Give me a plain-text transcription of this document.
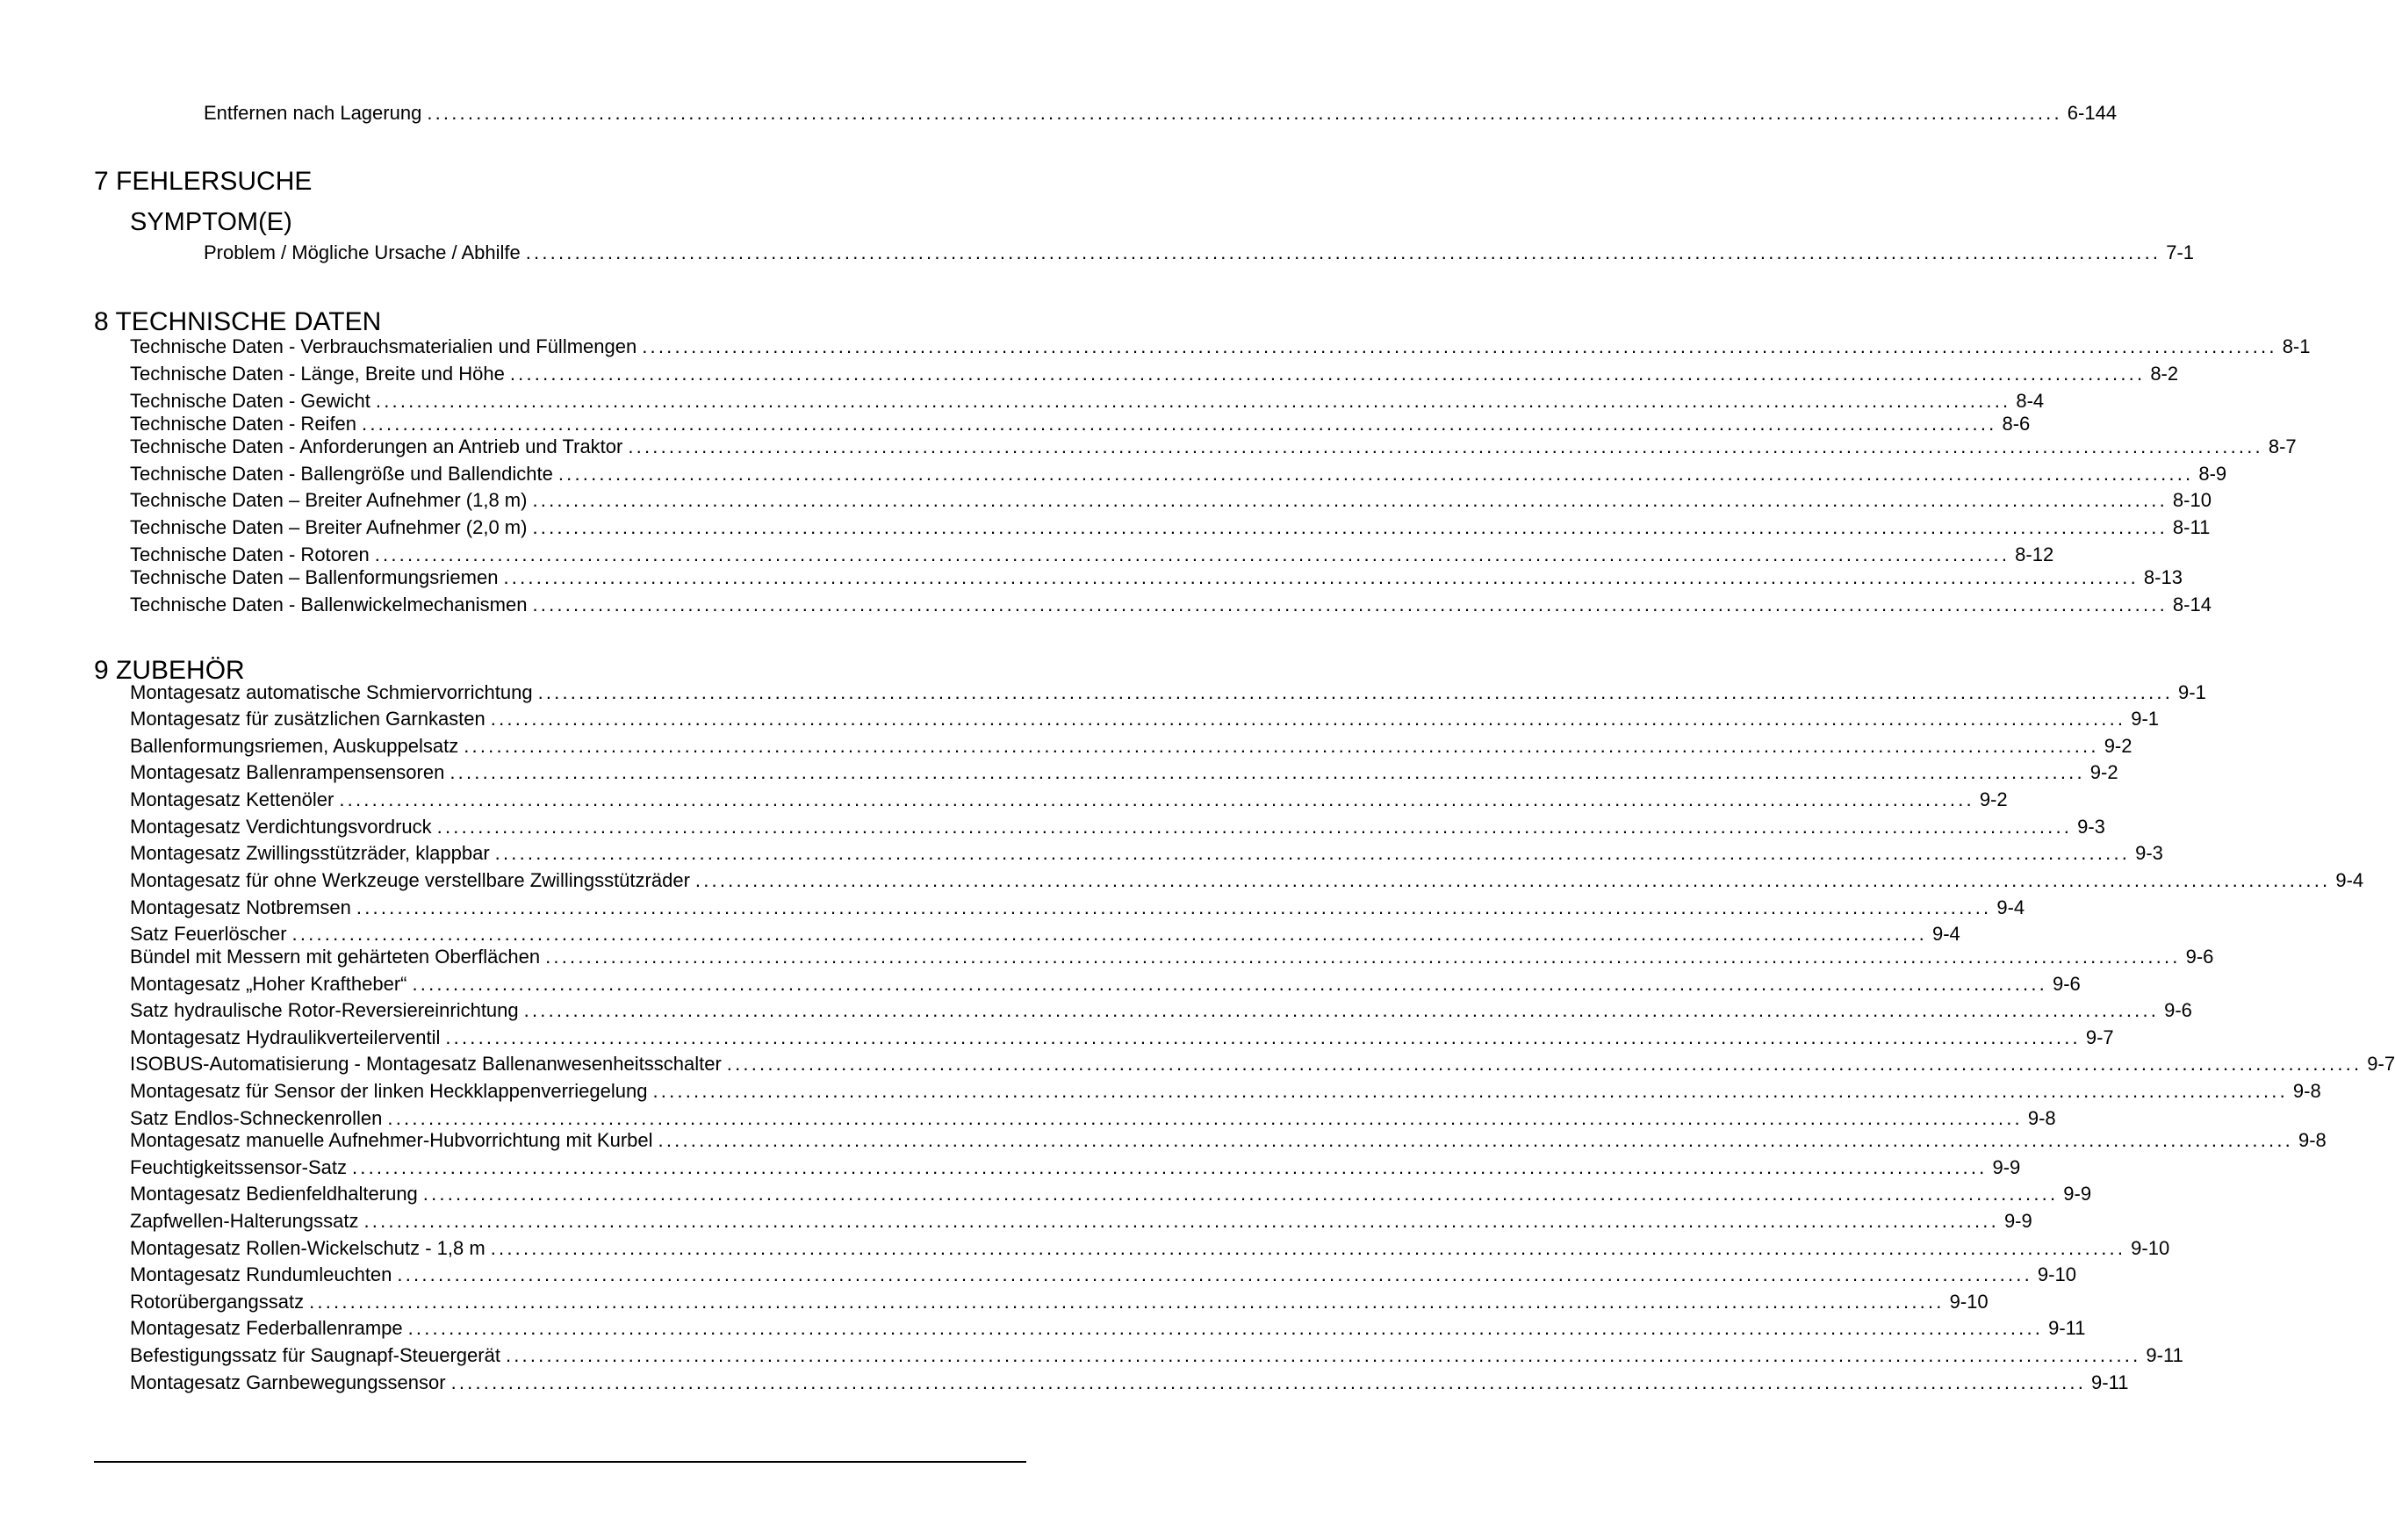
Entfernen nach Lagerung ........................................................................................................................................................................................................ 6-144
7 FEHLERSUCHE
SYMPTOM(E)
Problem / Mögliche Ursache / Abhilfe ........................................................................................................................................................................................................ 7-1
8 TECHNISCHE DATEN
Technische Daten - Verbrauchsmaterialien und Füllmengen ........................................................................................................................................................................................................ 8-1
Technische Daten - Länge, Breite und Höhe ........................................................................................................................................................................................................ 8-2
Technische Daten - Gewicht ........................................................................................................................................................................................................ 8-4
Technische Daten - Reifen ........................................................................................................................................................................................................ 8-6
Technische Daten - Anforderungen an Antrieb und Traktor ........................................................................................................................................................................................................ 8-7
Technische Daten - Ballengröße und Ballendichte ........................................................................................................................................................................................................ 8-9
Technische Daten – Breiter Aufnehmer (1,8 m) ........................................................................................................................................................................................................ 8-10
Technische Daten – Breiter Aufnehmer (2,0 m) ........................................................................................................................................................................................................ 8-11
Technische Daten - Rotoren ........................................................................................................................................................................................................ 8-12
Technische Daten – Ballenformungsriemen ........................................................................................................................................................................................................ 8-13
Technische Daten - Ballenwickelmechanismen ........................................................................................................................................................................................................ 8-14
9 ZUBEHÖR
Montagesatz automatische Schmiervorrichtung ........................................................................................................................................................................................................ 9-1
Montagesatz für zusätzlichen Garnkasten ........................................................................................................................................................................................................ 9-1
Ballenformungsriemen, Auskuppelsatz ........................................................................................................................................................................................................ 9-2
Montagesatz Ballenrampensensoren ........................................................................................................................................................................................................ 9-2
Montagesatz Kettenöler ........................................................................................................................................................................................................ 9-2
Montagesatz Verdichtungsvordruck ........................................................................................................................................................................................................ 9-3
Montagesatz Zwillingsstützräder, klappbar ........................................................................................................................................................................................................ 9-3
Montagesatz für ohne Werkzeuge verstellbare Zwillingsstützräder ........................................................................................................................................................................................................ 9-4
Montagesatz Notbremsen ........................................................................................................................................................................................................ 9-4
Satz Feuerlöscher ........................................................................................................................................................................................................ 9-4
Bündel mit Messern mit gehärteten Oberflächen ........................................................................................................................................................................................................ 9-6
Montagesatz „Hoher Kraftheber“ ........................................................................................................................................................................................................ 9-6
Satz hydraulische Rotor-Reversiereinrichtung ........................................................................................................................................................................................................ 9-6
Montagesatz Hydraulikverteilerventil ........................................................................................................................................................................................................ 9-7
ISOBUS-Automatisierung - Montagesatz Ballenanwesenheitsschalter ........................................................................................................................................................................................................ 9-7
Montagesatz für Sensor der linken Heckklappenverriegelung ........................................................................................................................................................................................................ 9-8
Satz Endlos-Schneckenrollen ........................................................................................................................................................................................................ 9-8
Montagesatz manuelle Aufnehmer-Hubvorrichtung mit Kurbel ........................................................................................................................................................................................................ 9-8
Feuchtigkeitssensor-Satz ........................................................................................................................................................................................................ 9-9
Montagesatz Bedienfeldhalterung ........................................................................................................................................................................................................ 9-9
Zapfwellen-Halterungssatz ........................................................................................................................................................................................................ 9-9
Montagesatz Rollen-Wickelschutz - 1,8 m ........................................................................................................................................................................................................ 9-10
Montagesatz Rundumleuchten ........................................................................................................................................................................................................ 9-10
Rotorübergangssatz ........................................................................................................................................................................................................ 9-10
Montagesatz Federballenrampe ........................................................................................................................................................................................................ 9-11
Befestigungssatz für Saugnapf-Steuergerät ........................................................................................................................................................................................................ 9-11
Montagesatz Garnbewegungssensor ........................................................................................................................................................................................................ 9-11
